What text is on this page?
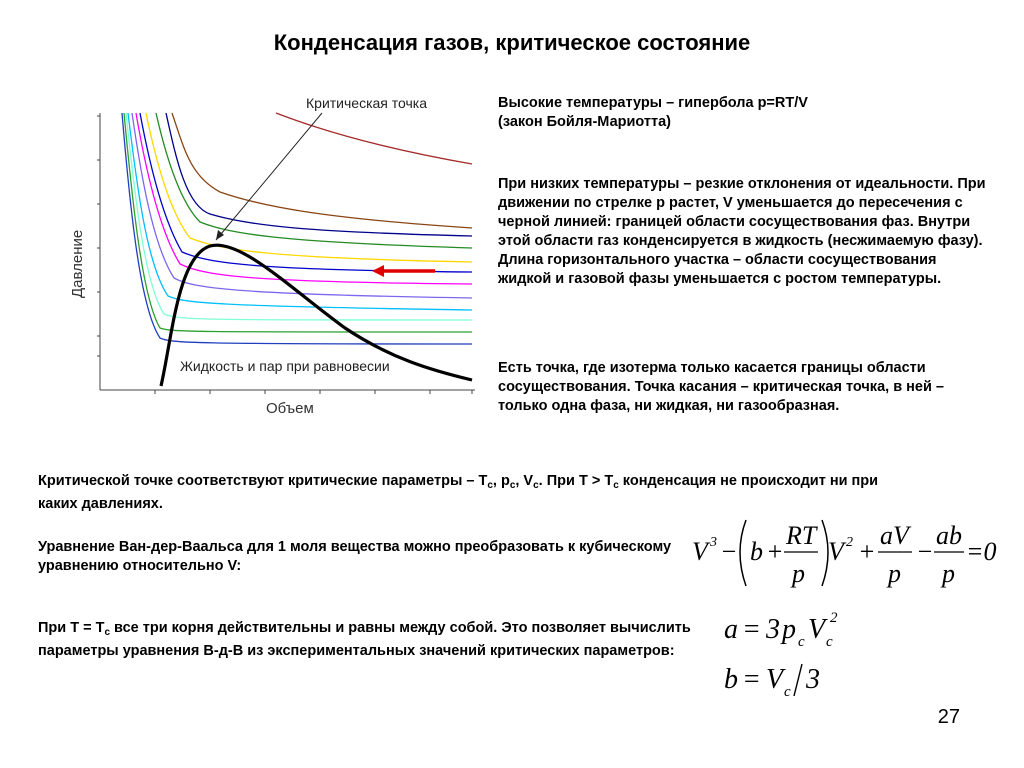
Конденсация газов, критическое состояние
Критическая точка
Жидкость и пар при равновесии
Объем
Давление

Высокие температуры – гипербола p=RT/V

(закон Бойля-Мариотта)

При низких температуры – резкие отклонения от идеальности. При движении по стрелке p растет, V уменьшается до пересечения с черной линией: границей области сосуществования фаз. Внутри этой области газ конденсируется в жидкость (несжимаемую фазу). Длина горизонтального участка – области сосуществования жидкой и газовой фазы уменьшается с ростом температуры.
Есть точка, где изотерма только касается границы области сосуществования. Точка касания – критическая точка, в ней – только одна фаза, ни жидкая, ни газообразная.
Критической точке соответствуют критические параметры – $T_c$, $p_c$, $V_c$. При $T > T_c$ конденсация не происходит ни при каких давлениях.
Уравнение Ван-дер-Ваальса для 1 моля вещества можно преобразовать к кубическому уравнению относительно V:
При $T = T_c$ все три корня действительны и равны между собой. Это позволяет вычислить параметры уравнения В-д-В из экспериментальных значений критических параметров:
V 3 − b +
RT
p
V 2 +
aV
p
−
ab
p
=0
a = 3 p c V c
2
b = V c 3
27
